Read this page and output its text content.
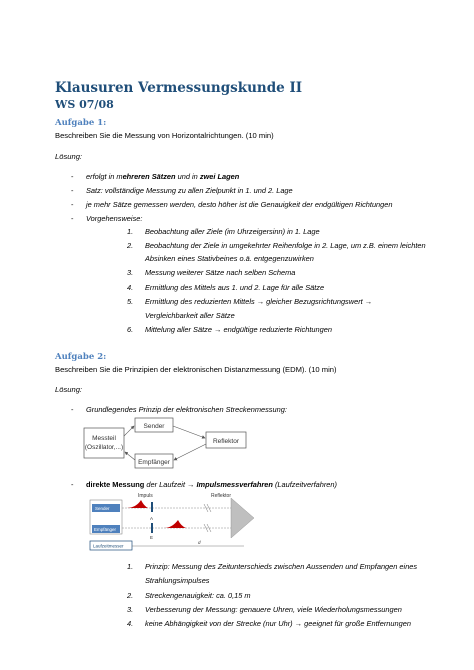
Klausuren Vermessungskunde II
WS 07/08
Aufgabe 1:
Beschreiben Sie die Messung von Horizontalrichtungen. (10 min)
Lösung:
- erfolgt in mehreren Sätzen und in zwei Lagen
- Satz: vollständige Messung zu allen Zielpunkt in 1. und 2. Lage
- je mehr Sätze gemessen werden, desto höher ist die Genauigkeit der endgültigen Richtungen
- Vorgehensweise:
1. Beobachtung aller Ziele (im Uhrzeigersinn) in 1. Lage
2. Beobachtung der Ziele in umgekehrter Reihenfolge in 2. Lage, um z.B. einem leichten
Absinken eines Stativbeines o.ä. entgegenzuwirken
3. Messung weiterer Sätze nach selben Schema
4. Ermittlung des Mittels aus 1. und 2. Lage für alle Sätze
5. Ermittlung des reduzierten Mittels → gleicher Bezugsrichtungswert →
Vergleichbarkeit aller Sätze
6. Mittelung aller Sätze → endgültige reduzierte Richtungen
Aufgabe 2:
Beschreiben Sie die Prinzipien der elektronischen Distanzmessung (EDM). (10 min)
Lösung:
- Grundlegendes Prinzip der elektronischen Streckenmessung:
Messteil
(Oszillator,...)
Sender
Empfänger
Reflektor
- direkte Messung der Laufzeit → Impulsmessverfahren (Laufzeitverfahren)
Impuls	Reflektor
Sender
Empfänger
Laufzeitmesser
A
E
d
1. Prinzip: Messung des Zeitunterschieds zwischen Aussenden und Empfangen eines
Strahlungsimpulses
2. Streckengenauigkeit: ca. 0,15 m
3. Verbesserung der Messung: genauere Uhren, viele Wiederholungsmessungen
4. keine Abhängigkeit von der Strecke (nur Uhr) → geeignet für große Entfernungen
